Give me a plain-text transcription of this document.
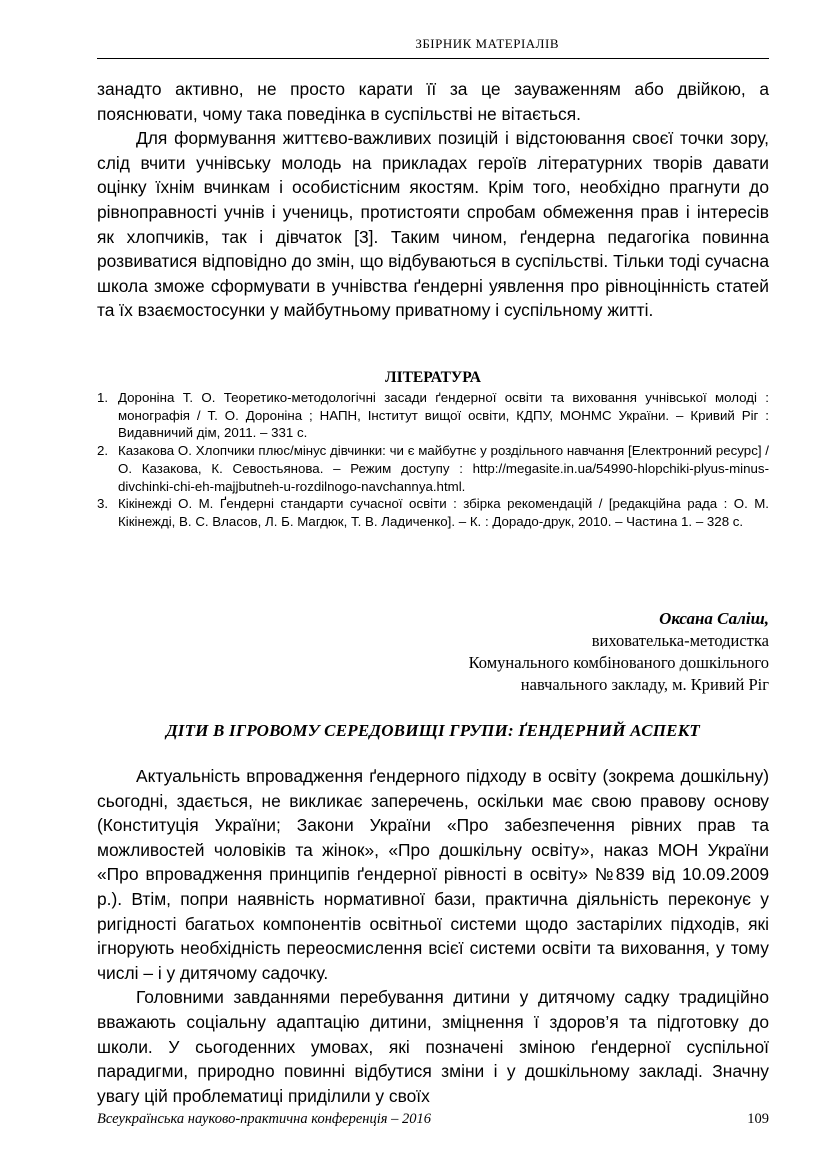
ЗБІРНИК МАТЕРІАЛІВ

занадто активно, не просто карати її за це зауваженням або двійкою, а пояснювати, чому така поведінка в суспільстві не вітається.

Для формування життєво-важливих позицій і відстоювання своєї точки зору, слід вчити учнівську молодь на прикладах героїв літературних творів давати оцінку їхнім вчинкам і особистісним якостям. Крім того, необхідно прагнути до рівноправності учнів і учениць, протистояти спробам обмеження прав і інтересів як хлопчиків, так і дівчаток [3]. Таким чином, ґендерна педагогіка повинна розвиватися відповідно до змін, що відбуваються в суспільстві. Тільки тоді сучасна школа зможе сформувати в учнівства ґендерні уявлення про рівноцінність статей та їх взаємостосунки у майбутньому приватному і суспільному житті.

ЛІТЕРАТУРА
1. Дороніна Т. О. Теоретико-методологічні засади ґендерної освіти та виховання учнівської молоді : монографія / Т. О. Дороніна ; НАПН, Інститут вищої освіти, КДПУ, МОНМС України. – Кривий Ріг : Видавничий дім, 2011. – 331 с.
2. Казакова О. Хлопчики плюс/мінус дівчинки: чи є майбутнє у роздільного навчання [Електронний ресурс] / О. Казакова, К. Севостьянова. – Режим доступу : http://megasite.in.ua/54990-hlopchiki-plyus-minus-divchinki-chi-eh-majjbutneh-u-rozdilnogo-navchannya.html.
3. Кікінежді О. М. Ґендерні стандарти сучасної освіти : збірка рекомендацій / [редакційна рада : О. М. Кікінежді, В. С. Власов, Л. Б. Магдюк, Т. В. Ладиченко]. – К. : Дорадо-друк, 2010. – Частина 1. – 328 с.
Оксана Саліш,
вихователька-методистка
Комунального комбінованого дошкільного
навчального закладу, м. Кривий Ріг
ДІТИ В ІГРОВОМУ СЕРЕДОВИЩІ ГРУПИ: ҐЕНДЕРНИЙ АСПЕКТ

Актуальність впровадження ґендерного підходу в освіту (зокрема дошкільну) сьогодні, здається, не викликає заперечень, оскільки має свою правову основу (Конституція України; Закони України «Про забезпечення рівних прав та можливостей чоловіків та жінок», «Про дошкільну освіту», наказ МОН України «Про впровадження принципів ґендерної рівності в освіту» №839 від 10.09.2009 р.). Втім, попри наявність нормативної бази, практична діяльність переконує у ригідності багатьох компонентів освітньої системи щодо застарілих підходів, які ігнорують необхідність переосмислення всієї системи освіти та виховання, у тому числі – і у дитячому садочку.

Головними завданнями перебування дитини у дитячому садку традиційно вважають соціальну адаптацію дитини, зміцнення ї здоров’я та підготовку до школи. У сьогоденних умовах, які позначені зміною ґендерної суспільної парадигми, природно повинні відбутися зміни і у дошкільному закладі. Значну увагу цій проблематиці приділили у своїх

Всеукраїнська науково-практична конференція – 2016	109
